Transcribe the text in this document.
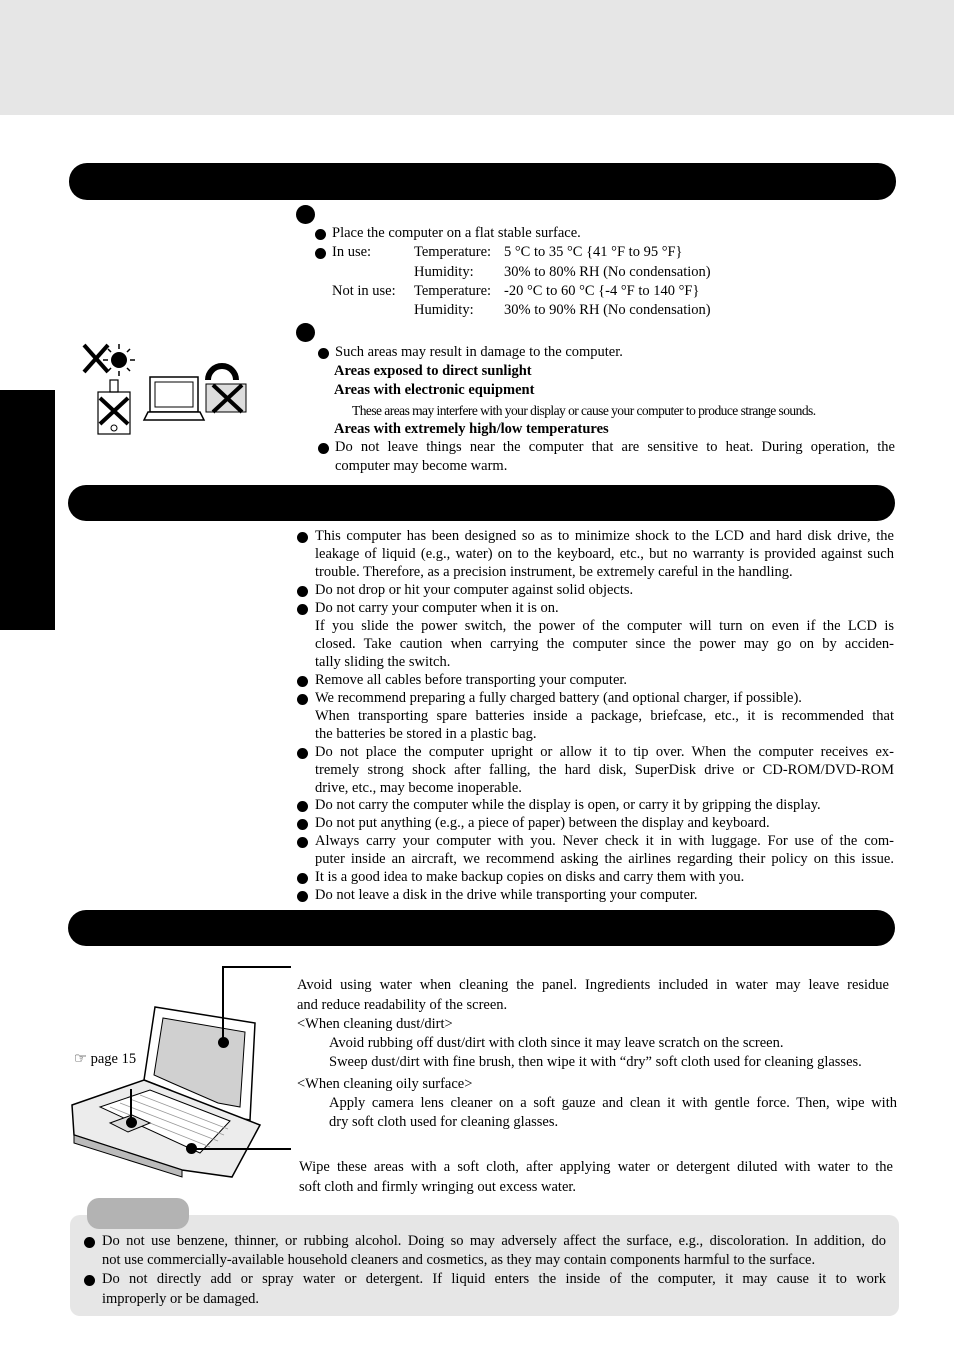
Place the computer on a flat stable surface.
In use:	Temperature: 5 °C to 35 °C {41 °F to 95 °F}
Humidity: 30% to 80% RH (No condensation)
Not in use: Temperature: -20 °C to 60 °C {-4 °F to 140 °F}
Humidity: 30% to 90% RH (No condensation)
Such areas may result in damage to the computer.
Areas exposed to direct sunlight
Areas with electronic equipment
These areas may interfere with your display or cause your computer to produce strange sounds.
Areas with extremely high/low temperatures
Do not leave things near the computer that are sensitive to heat. During operation, the
computer may become warm.
This computer has been designed so as to minimize shock to the LCD and hard disk drive, the
leakage of liquid (e.g., water) on to the keyboard, etc., but no warranty is provided against such
trouble. Therefore, as a precision instrument, be extremely careful in the handling.
Do not drop or hit your computer against solid objects.
Do not carry your computer when it is on.
If you slide the power switch, the power of the computer will turn on even if the LCD is
closed. Take caution when carrying the computer since the power may go on by acciden-
tally sliding the switch.
Remove all cables before transporting your computer.
We recommend preparing a fully charged battery (and optional charger, if possible).
When transporting spare batteries inside a package, briefcase, etc., it is recommended that
the batteries be stored in a plastic bag.
Do not place the computer upright or allow it to tip over. When the computer receives ex-
tremely strong shock after falling, the hard disk, SuperDisk drive or CD-ROM/DVD-ROM
drive, etc., may become inoperable.
Do not carry the computer while the display is open, or carry it by gripping the display.
Do not put anything (e.g., a piece of paper) between the display and keyboard.
Always carry your computer with you. Never check it in with luggage. For use of the com-
puter inside an aircraft, we recommend asking the airlines regarding their policy on this issue.
It is a good idea to make backup copies on disks and carry them with you.
Do not leave a disk in the drive while transporting your computer.
☞ page 15
Avoid using water when cleaning the panel. Ingredients included in water may leave residue
and reduce readability of the screen.
<When cleaning dust/dirt>
Avoid rubbing off dust/dirt with cloth since it may leave scratch on the screen.
Sweep dust/dirt with fine brush, then wipe it with “dry” soft cloth used for cleaning glasses.
<When cleaning oily surface>
Apply camera lens cleaner on a soft gauze and clean it with gentle force. Then, wipe with
dry soft cloth used for cleaning glasses.
Wipe these areas with a soft cloth, after applying water or detergent diluted with water to the
soft cloth and firmly wringing out excess water.
Do not use benzene, thinner, or rubbing alcohol. Doing so may adversely affect the surface, e.g., discoloration. In addition, do
not use commercially-available household cleaners and cosmetics, as they may contain components harmful to the surface.
Do not directly add or spray water or detergent. If liquid enters the inside of the computer, it may cause it to work
improperly or be damaged.
